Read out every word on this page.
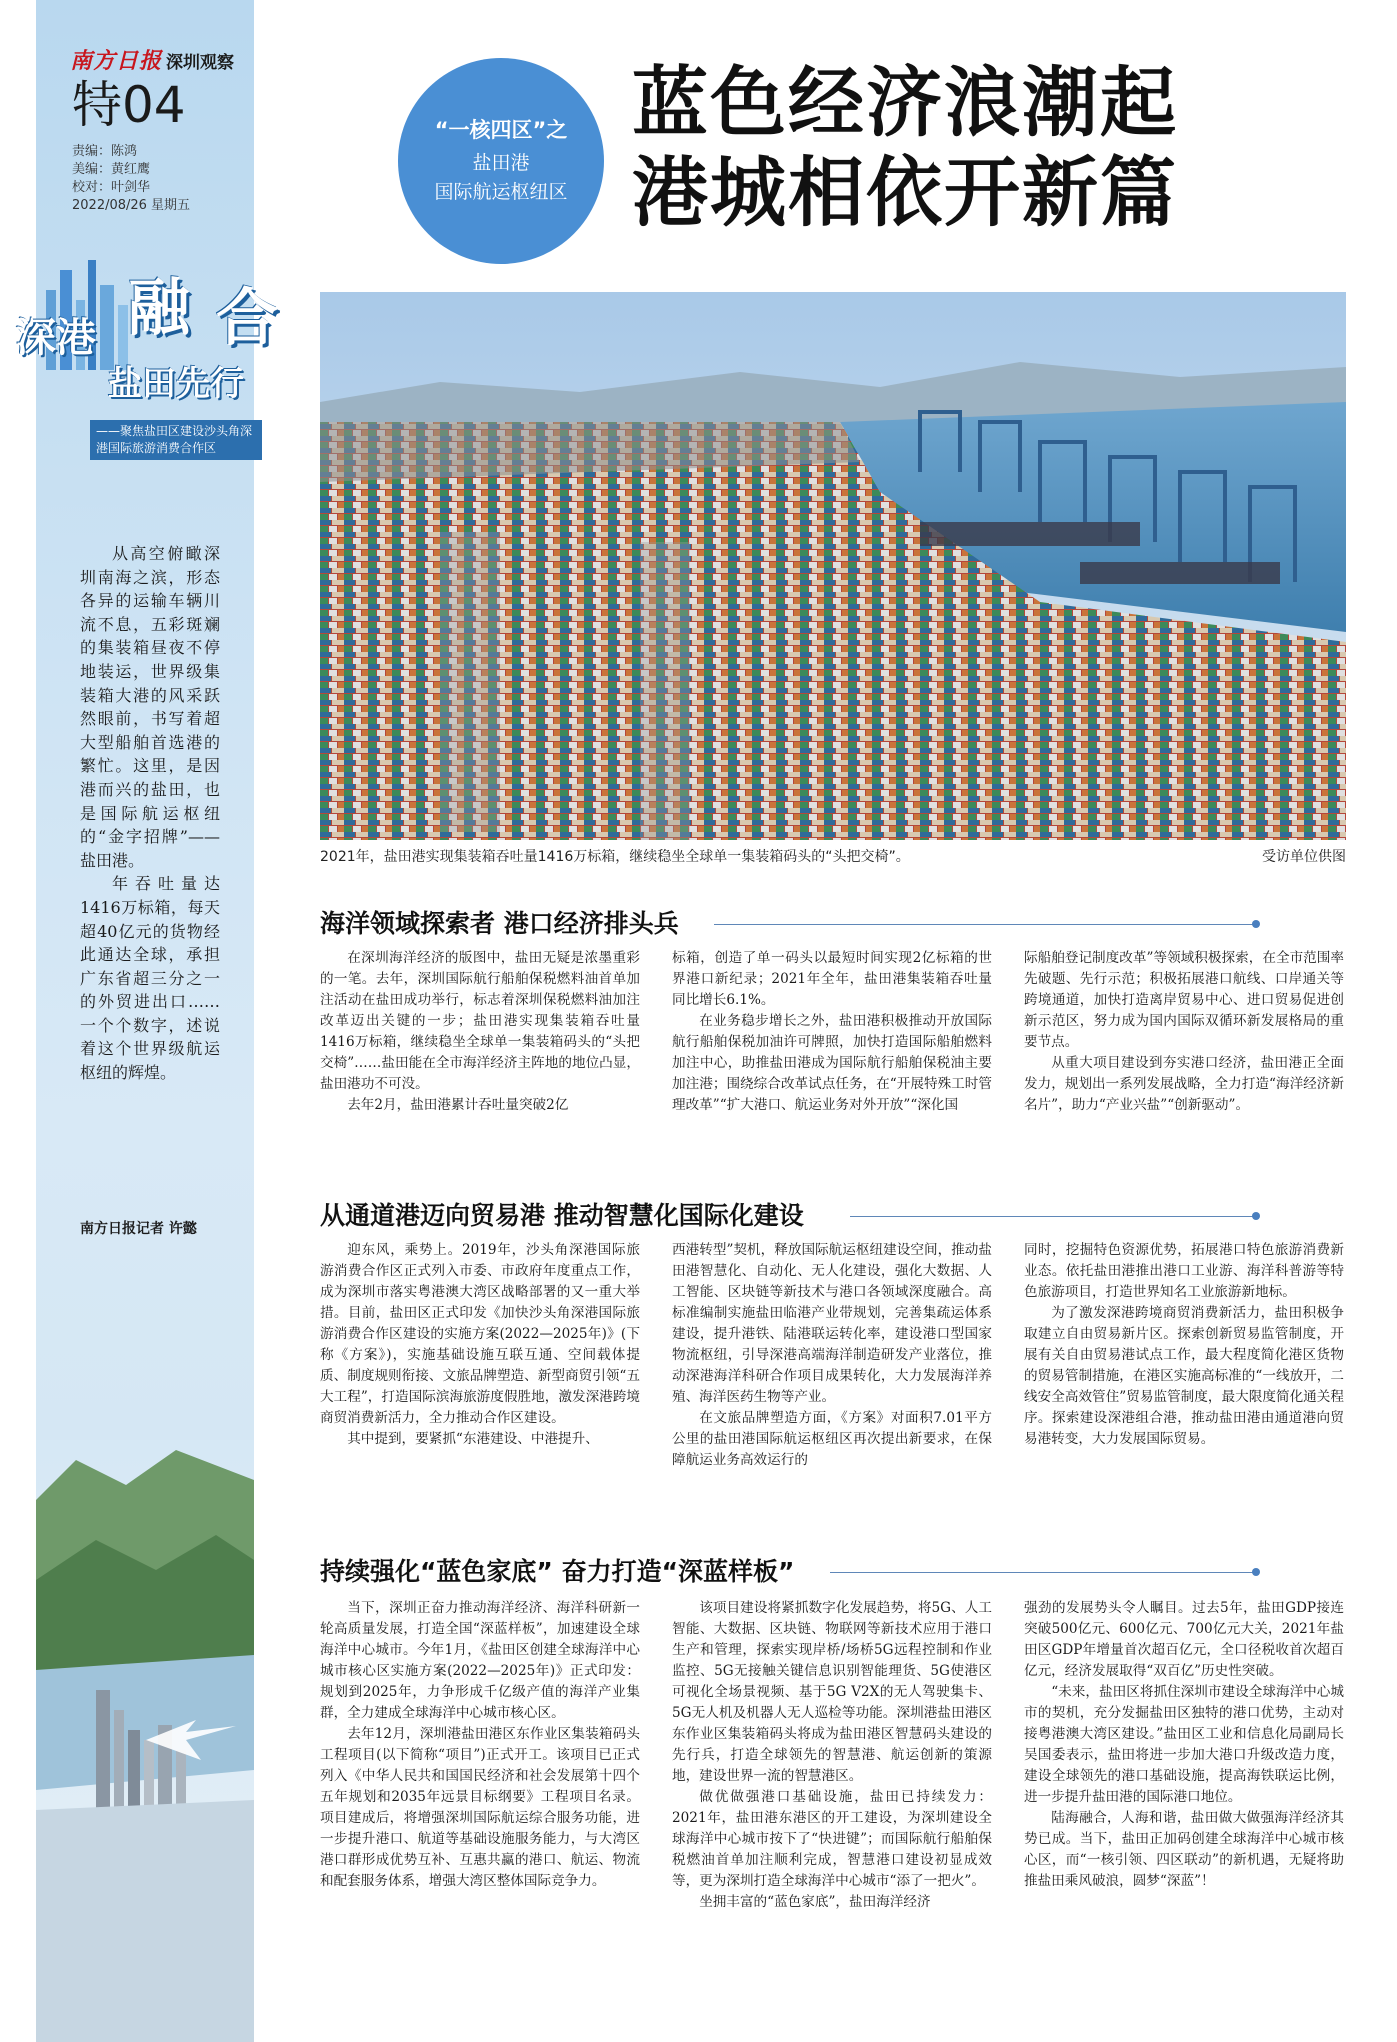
南方日报 深圳观察
特04
责编：陈鸿
美编：黄红鹰
校对：叶剑华
2022/08/26 星期五
深港 融 合
盐田先行
——聚焦盐田区建设沙头角深港国际旅游消费合作区

从高空俯瞰深圳南海之滨，形态各异的运输车辆川流不息，五彩斑斓的集装箱昼夜不停地装运，世界级集装箱大港的风采跃然眼前，书写着超大型船舶首选港的繁忙。这里，是因港而兴的盐田，也是国际航运枢纽的“金字招牌”——盐田港。

年吞吐量达1416万标箱，每天超40亿元的货物经此通达全球，承担广东省超三分之一的外贸进出口……一个个数字，述说着这个世界级航运枢纽的辉煌。

南方日报记者 许懿
“一核四区”之
盐田港
国际航运枢纽区
蓝色经济浪潮起
港城相依开新篇
2021年，盐田港实现集装箱吞吐量1416万标箱，继续稳坐全球单一集装箱码头的“头把交椅”。	受访单位供图
海洋领域探索者 港口经济排头兵

在深圳海洋经济的版图中，盐田无疑是浓墨重彩的一笔。去年，深圳国际航行船舶保税燃料油首单加注活动在盐田成功举行，标志着深圳保税燃料油加注改革迈出关键的一步；盐田港实现集装箱吞吐量1416万标箱，继续稳坐全球单一集装箱码头的“头把交椅”……盐田能在全市海洋经济主阵地的地位凸显，盐田港功不可没。

去年2月，盐田港累计吞吐量突破2亿

标箱，创造了单一码头以最短时间实现2亿标箱的世界港口新纪录；2021年全年，盐田港集装箱吞吐量同比增长6.1%。

在业务稳步增长之外，盐田港积极推动开放国际航行船舶保税加油许可牌照，加快打造国际船舶燃料加注中心，助推盐田港成为国际航行船舶保税油主要加注港；围绕综合改革试点任务，在“开展特殊工时管理改革”“扩大港口、航运业务对外开放”“深化国

际船舶登记制度改革”等领域积极探索，在全市范围率先破题、先行示范；积极拓展港口航线、口岸通关等跨境通道，加快打造离岸贸易中心、进口贸易促进创新示范区，努力成为国内国际双循环新发展格局的重要节点。

从重大项目建设到夯实港口经济，盐田港正全面发力，规划出一系列发展战略，全力打造“海洋经济新名片”，助力“产业兴盐”“创新驱动”。

从通道港迈向贸易港 推动智慧化国际化建设

迎东风，乘势上。2019年，沙头角深港国际旅游消费合作区正式列入市委、市政府年度重点工作，成为深圳市落实粤港澳大湾区战略部署的又一重大举措。目前，盐田区正式印发《加快沙头角深港国际旅游消费合作区建设的实施方案(2022—2025年)》(下称《方案》)，实施基础设施互联互通、空间载体提质、制度规则衔接、文旅品牌塑造、新型商贸引领“五大工程”，打造国际滨海旅游度假胜地，激发深港跨境商贸消费新活力，全力推动合作区建设。

其中提到，要紧抓“东港建设、中港提升、

西港转型”契机，释放国际航运枢纽建设空间，推动盐田港智慧化、自动化、无人化建设，强化大数据、人工智能、区块链等新技术与港口各领域深度融合。高标准编制实施盐田临港产业带规划，完善集疏运体系建设，提升港铁、陆港联运转化率，建设港口型国家物流枢纽，引导深港高端海洋制造研发产业落位，推动深港海洋科研合作项目成果转化，大力发展海洋养殖、海洋医药生物等产业。

在文旅品牌塑造方面，《方案》对面积7.01平方公里的盐田港国际航运枢纽区再次提出新要求，在保障航运业务高效运行的

同时，挖掘特色资源优势，拓展港口特色旅游消费新业态。依托盐田港推出港口工业游、海洋科普游等特色旅游项目，打造世界知名工业旅游新地标。

为了激发深港跨境商贸消费新活力，盐田积极争取建立自由贸易新片区。探索创新贸易监管制度，开展有关自由贸易港试点工作，最大程度简化港区货物的贸易管制措施，在港区实施高标准的“一线放开，二线安全高效管住”贸易监管制度，最大限度简化通关程序。探索建设深港组合港，推动盐田港由通道港向贸易港转变，大力发展国际贸易。

持续强化“蓝色家底” 奋力打造“深蓝样板”

当下，深圳正奋力推动海洋经济、海洋科研新一轮高质量发展，打造全国“深蓝样板”，加速建设全球海洋中心城市。今年1月，《盐田区创建全球海洋中心城市核心区实施方案(2022—2025年)》正式印发：规划到2025年，力争形成千亿级产值的海洋产业集群，全力建成全球海洋中心城市核心区。

去年12月，深圳港盐田港区东作业区集装箱码头工程项目(以下简称“项目”)正式开工。该项目已正式列入《中华人民共和国国民经济和社会发展第十四个五年规划和2035年远景目标纲要》工程项目名录。项目建成后，将增强深圳国际航运综合服务功能，进一步提升港口、航道等基础设施服务能力，与大湾区港口群形成优势互补、互惠共赢的港口、航运、物流和配套服务体系，增强大湾区整体国际竞争力。

该项目建设将紧抓数字化发展趋势，将5G、人工智能、大数据、区块链、物联网等新技术应用于港口生产和管理，探索实现岸桥/场桥5G远程控制和作业监控、5G无接触关键信息识别智能理货、5G使港区可视化全场景视频、基于5G V2X的无人驾驶集卡、5G无人机及机器人无人巡检等功能。深圳港盐田港区东作业区集装箱码头将成为盐田港区智慧码头建设的先行兵，打造全球领先的智慧港、航运创新的策源地，建设世界一流的智慧港区。

做优做强港口基础设施，盐田已持续发力：2021年，盐田港东港区的开工建设，为深圳建设全球海洋中心城市按下了“快进键”；而国际航行船舶保税燃油首单加注顺利完成，智慧港口建设初显成效等，更为深圳打造全球海洋中心城市“添了一把火”。

坐拥丰富的“蓝色家底”，盐田海洋经济

强劲的发展势头令人瞩目。过去5年，盐田GDP接连突破500亿元、600亿元、700亿元大关，2021年盐田区GDP年增量首次超百亿元，全口径税收首次超百亿元，经济发展取得“双百亿”历史性突破。

“未来，盐田区将抓住深圳市建设全球海洋中心城市的契机，充分发掘盐田区独特的港口优势，主动对接粤港澳大湾区建设。”盐田区工业和信息化局副局长吴国委表示，盐田将进一步加大港口升级改造力度，建设全球领先的港口基础设施，提高海铁联运比例，进一步提升盐田港的国际港口地位。

陆海融合，人海和谐，盐田做大做强海洋经济其势已成。当下，盐田正加码创建全球海洋中心城市核心区，而“一核引领、四区联动”的新机遇，无疑将助推盐田乘风破浪，圆梦“深蓝”！
